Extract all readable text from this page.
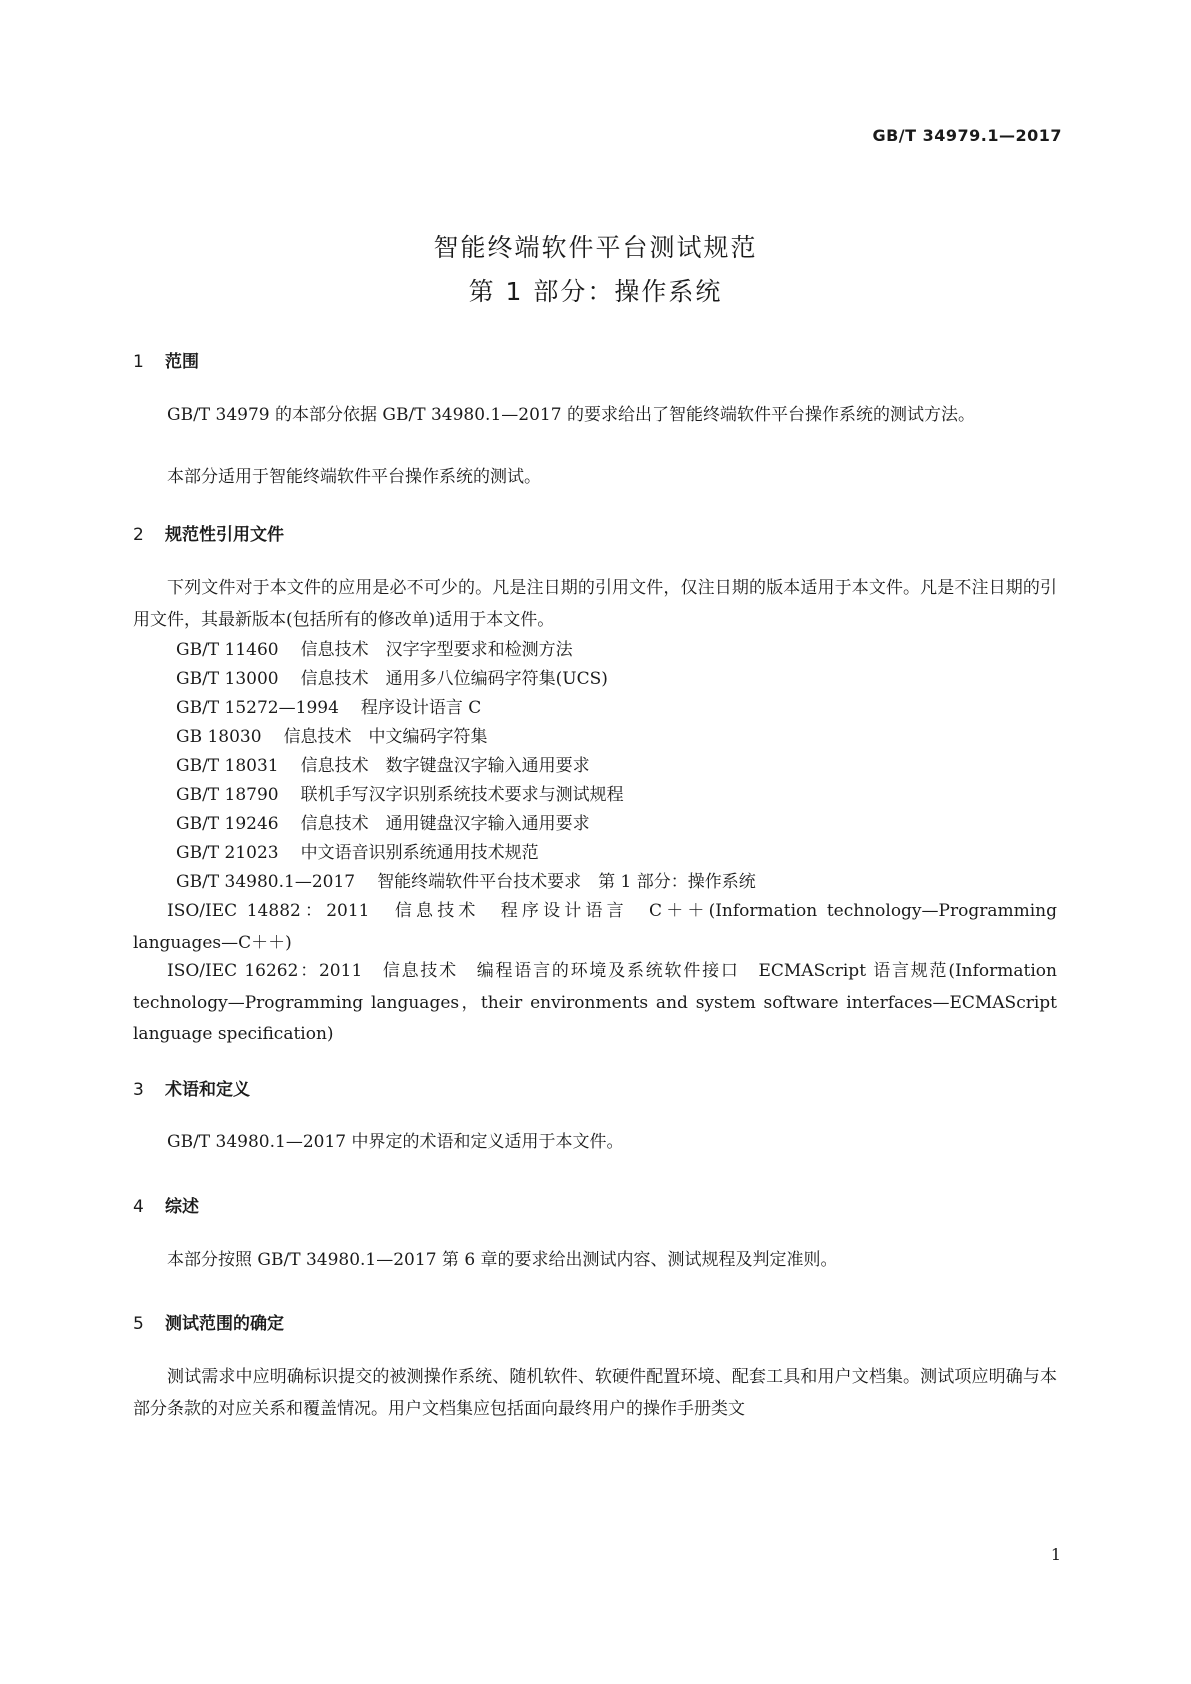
GB/T 34979.1—2017
智能终端软件平台测试规范
第 1 部分：操作系统
1 范围
GB/T 34979 的本部分依据 GB/T 34980.1—2017 的要求给出了智能终端软件平台操作系统的测试方法。
本部分适用于智能终端软件平台操作系统的测试。
2 规范性引用文件
下列文件对于本文件的应用是必不可少的。凡是注日期的引用文件，仅注日期的版本适用于本文件。凡是不注日期的引用文件，其最新版本(包括所有的修改单)适用于本文件。
GB/T 11460 信息技术　汉字字型要求和检测方法
GB/T 13000 信息技术　通用多八位编码字符集(UCS)
GB/T 15272—1994 程序设计语言 C
GB 18030 信息技术　中文编码字符集
GB/T 18031 信息技术　数字键盘汉字输入通用要求
GB/T 18790 联机手写汉字识别系统技术要求与测试规程
GB/T 19246 信息技术　通用键盘汉字输入通用要求
GB/T 21023 中文语音识别系统通用技术规范
GB/T 34980.1—2017 智能终端软件平台技术要求　第 1 部分：操作系统
ISO/IEC 14882：2011　信息技术　程序设计语言　C＋＋(Information technology—Programming languages—C＋＋)
ISO/IEC 16262：2011　信息技术　编程语言的环境及系统软件接口　ECMAScript 语言规范(Information technology—Programming languages，their environments and system software interfaces—ECMAScript language specification)
3 术语和定义
GB/T 34980.1—2017 中界定的术语和定义适用于本文件。
4 综述
本部分按照 GB/T 34980.1—2017 第 6 章的要求给出测试内容、测试规程及判定准则。
5 测试范围的确定
测试需求中应明确标识提交的被测操作系统、随机软件、软硬件配置环境、配套工具和用户文档集。测试项应明确与本部分条款的对应关系和覆盖情况。用户文档集应包括面向最终用户的操作手册类文
1
